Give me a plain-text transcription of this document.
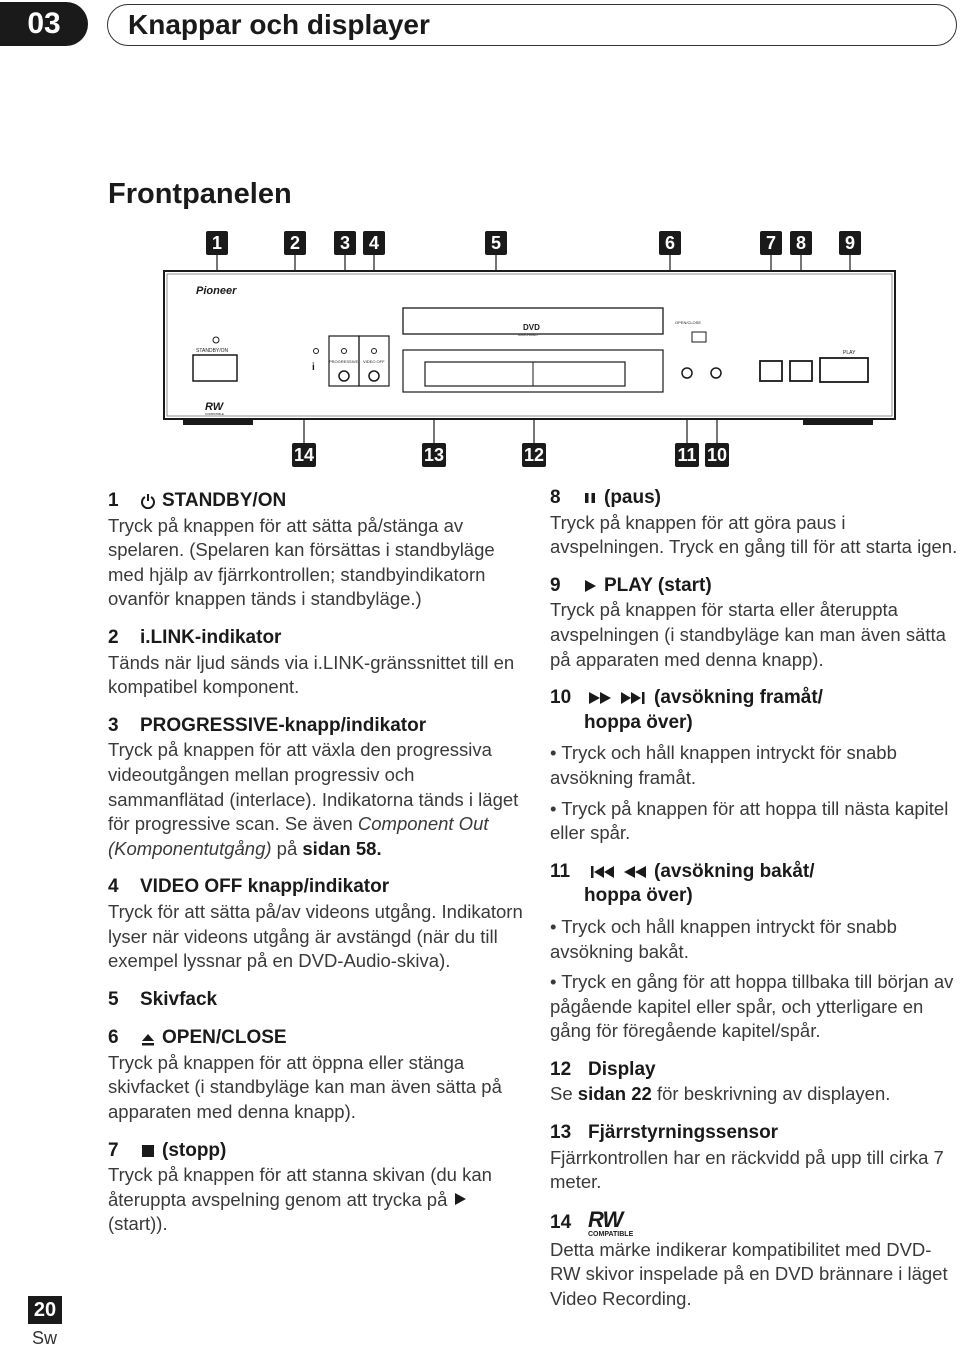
03	Knappar och displayer
Frontpanelen
1	2	3	4	5	6	7	8	9
Pioneer
DVD
AUDIO/VIDEO
STANDBY/ON
i
PROGRESSIVE VIDEO OFF
OPEN/CLOSE
PLAY
RW
COMPATIBLE
14	13	12	11 10
1	STANDBY/ON
Tryck på knappen för att sätta på/stänga av spelaren. (Spelaren kan försättas i standbyläge med hjälp av fjärrkontrollen; standbyindikatorn ovanför knappen tänds i standbyläge.)
2	i.LINK-indikator
Tänds när ljud sänds via i.LINK-gränssnittet till en kompatibel komponent.
3	PROGRESSIVE-knapp/indikator
Tryck på knappen för att växla den progressiva videoutgången mellan progressiv och sammanflätad (interlace). Indikatorna tänds i läget för progressive scan. Se även Component Out (Komponentutgång) på sidan 58.
4	VIDEO OFF knapp/indikator
Tryck för att sätta på/av videons utgång. Indikatorn lyser när videons utgång är avstängd (när du till exempel lyssnar på en DVD-Audio-skiva).
5	Skivfack
6	OPEN/CLOSE
Tryck på knappen för att öppna eller stänga skivfacket (i standbyläge kan man även sätta på apparaten med denna knapp).
7	(stopp)
Tryck på knappen för att stanna skivan (du kan återuppta avspelning genom att trycka på  (start)).
8	(paus)
Tryck på knappen för att göra paus i avspelningen. Tryck en gång till för att starta igen.
9	PLAY (start)
Tryck på knappen för starta eller återuppta avspelningen (i standbyläge kan man även sätta på apparaten med denna knapp).
10	(avsökning framåt/
hoppa över)
• Tryck och håll knappen intryckt för snabb avsökning framåt.
• Tryck på knappen för att hoppa till nästa kapitel eller spår.
11	(avsökning bakåt/
hoppa över)
• Tryck och håll knappen intryckt för snabb avsökning bakåt.
• Tryck en gång för att hoppa tillbaka till början av pågående kapitel eller spår, och ytterligare en gång för föregående kapitel/spår.
12 Display
Se sidan 22 för beskrivning av displayen.
13 Fjärrstyrningssensor
Fjärrkontrollen har en räckvidd på upp till cirka 7 meter.
14 RW
COMPATIBLE
Detta märke indikerar kompatibilitet med DVD-RW skivor inspelade på en DVD brännare i läget Video Recording.
20
Sw
